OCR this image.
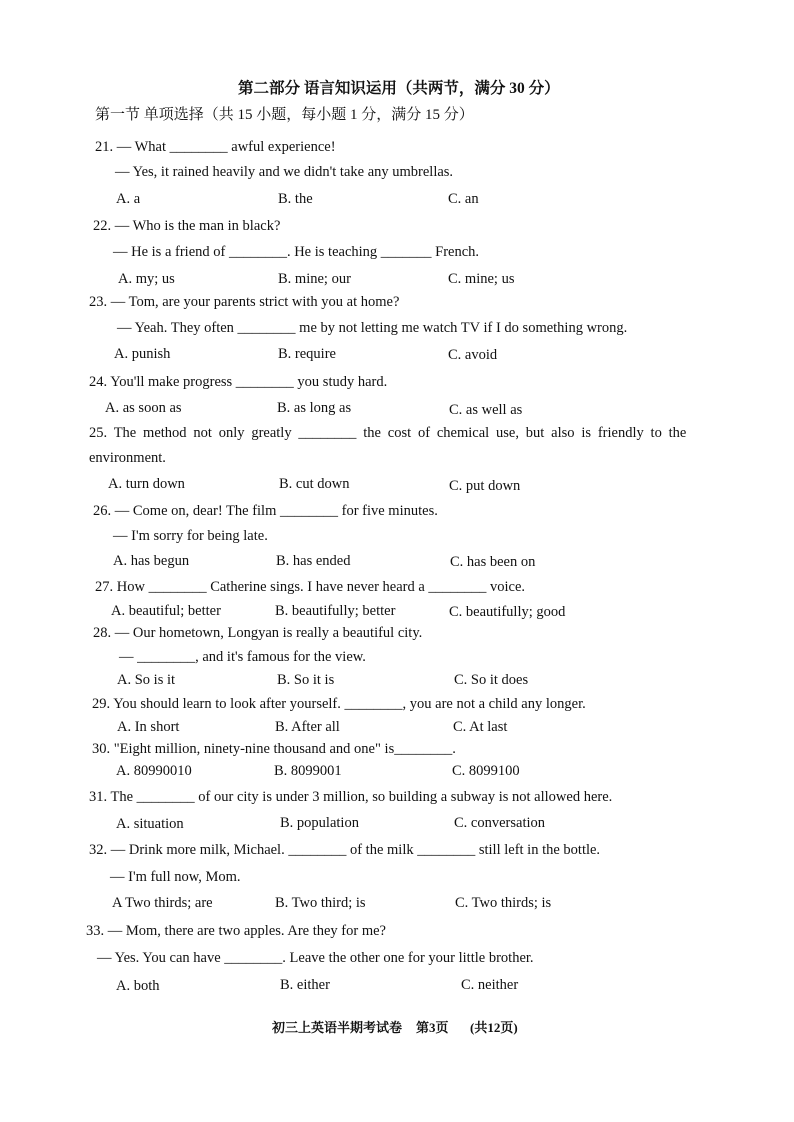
第二部分 语言知识运用（共两节，满分 30 分）
第一节 单项选择（共 15 小题，每小题 1 分，满分 15 分）
21. — What ________ awful experience!
— Yes, it rained heavily and we didn't take any umbrellas.
A. a	B. the	C. an
22. — Who is the man in black?
— He is a friend of ________. He is teaching _______ French.
A. my; us	B. mine; our	C. mine; us
23. — Tom, are your parents strict with you at home?
— Yeah. They often ________ me by not letting me watch TV if I do something wrong.
A. punish	B. require	C. avoid
24. You'll make progress ________ you study hard.
A. as soon as	B. as long as	C. as well as
25. The method not only greatly ________ the cost of chemical use, but also is friendly to the
environment.
A. turn down	B. cut down	C. put down
26. — Come on, dear! The film ________ for five minutes.
— I'm sorry for being late.
A. has begun	B. has ended	C. has been on
27. How ________ Catherine sings. I have never heard a ________ voice.
A. beautiful; better	B. beautifully; better	C. beautifully; good
28. — Our hometown, Longyan is really a beautiful city.
— ________, and it's famous for the view.
A. So is it	B. So it is	C. So it does
29. You should learn to look after yourself. ________, you are not a child any longer.
A. In short	B. After all	C. At last
30. "Eight million, ninety-nine thousand and one" is________.
A. 80990010	B. 8099001	C. 8099100
31. The ________ of our city is under 3 million, so building a subway is not allowed here.
A. situation	B. population	C. conversation
32. — Drink more milk, Michael. ________ of the milk ________ still left in the bottle.
— I'm full now, Mom.
A Two thirds; are	B. Two third; is	C. Two thirds; is
33. — Mom, there are two apples. Are they for me?
— Yes. You can have ________. Leave the other one for your little brother.
A. both	B. either	C. neither
初三上英语半期考试卷 第3页 (共12页)
